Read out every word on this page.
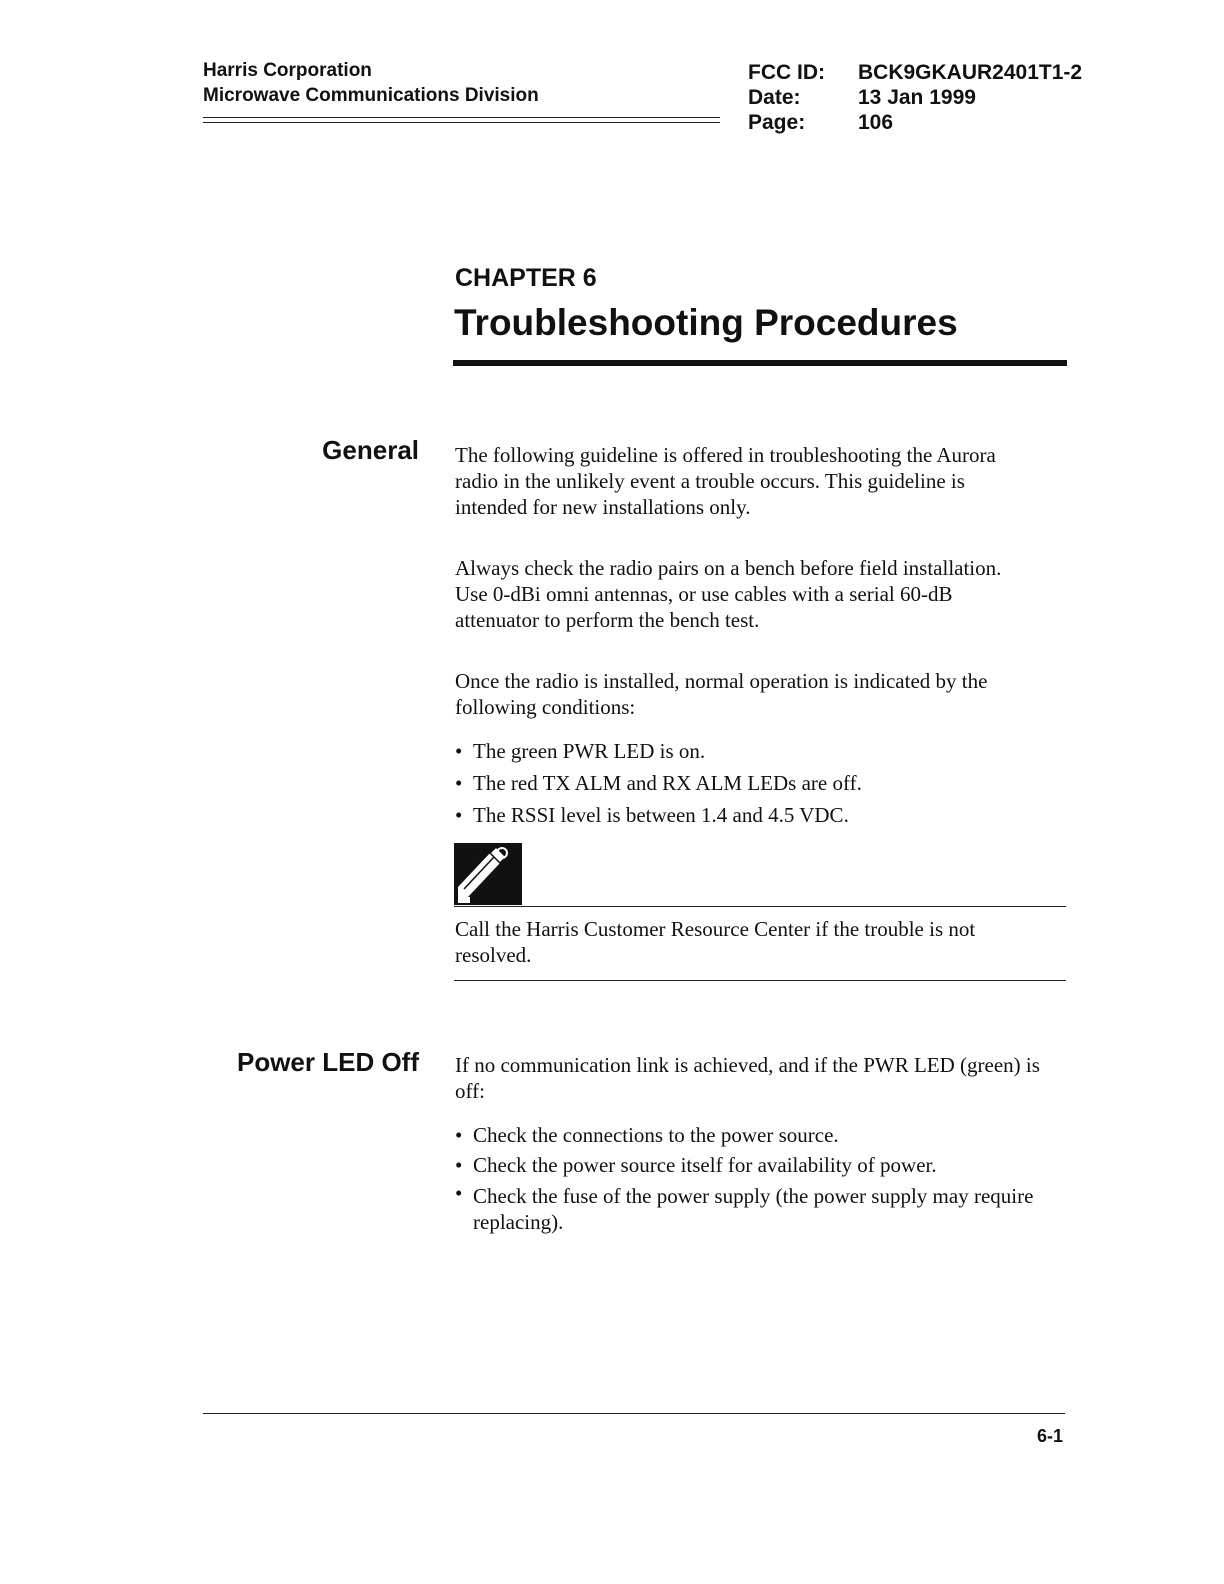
Harris Corporation
Microwave Communications Division
FCC ID:	BCK9GKAUR2401T1-2
Date:	13 Jan 1999
Page:	106
CHAPTER 6
Troubleshooting Procedures
General The following guideline is offered in troubleshooting the Aurora radio in the unlikely event a trouble occurs. This guideline is intended for new installations only.

Always check the radio pairs on a bench before field installation. Use 0-dBi omni antennas, or use cables with a serial 60-dB attenuator to perform the bench test.

Once the radio is installed, normal operation is indicated by the following conditions:

• The green PWR LED is on.
• The red TX ALM and RX ALM LEDs are off.
• The RSSI level is between 1.4 and 4.5 VDC.

Call the Harris Customer Resource Center if the trouble is not resolved.

Power LED Off If no communication link is achieved, and if the PWR LED (green) is off:

• Check the connections to the power source.
• Check the power source itself for availability of power.
• Check the fuse of the power supply (the power supply may require replacing).
6-1
